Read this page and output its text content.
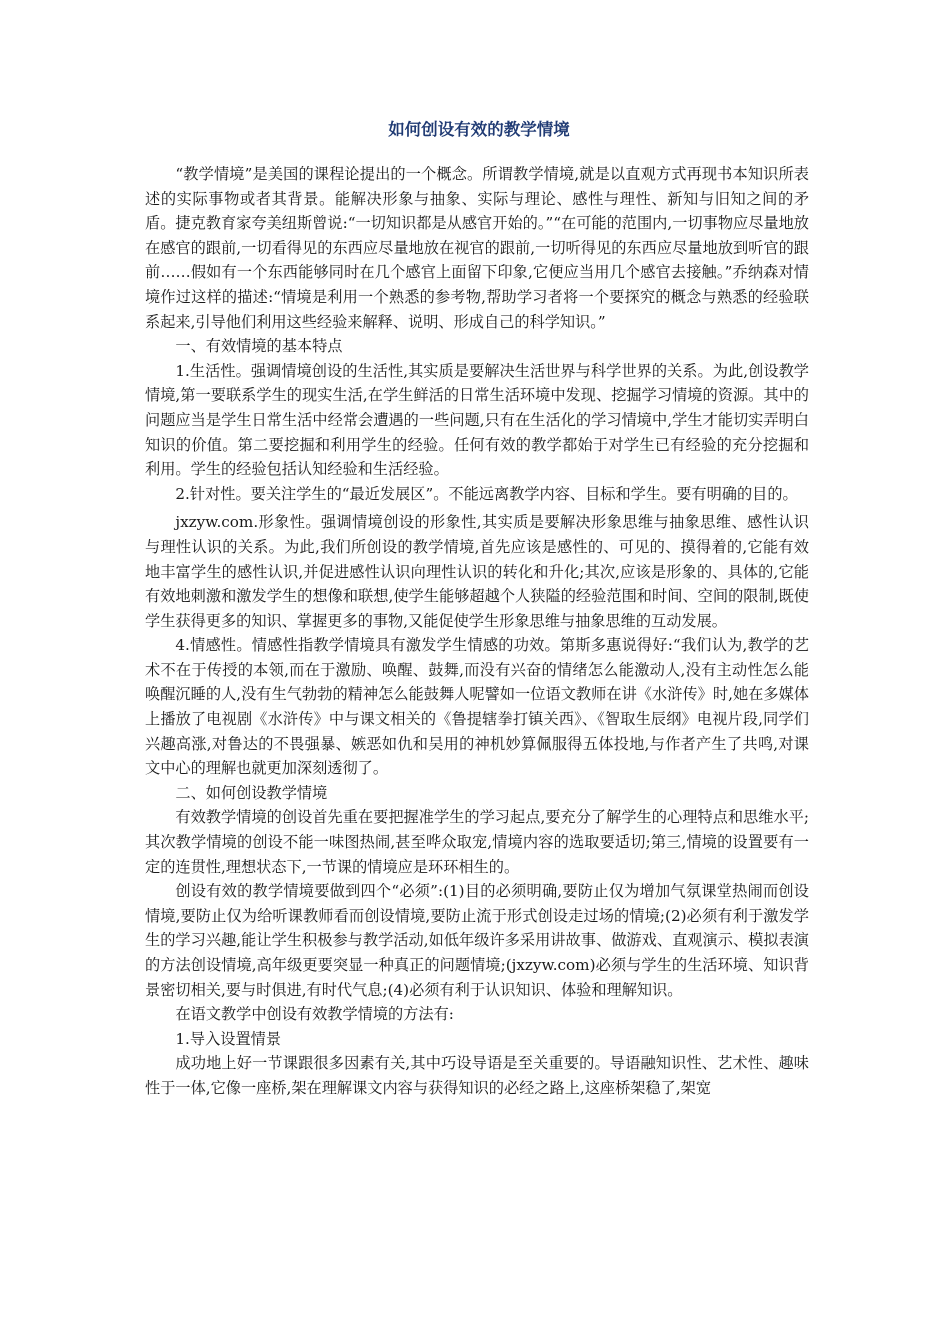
如何创设有效的教学情境

“教学情境”是美国的课程论提出的一个概念。所谓教学情境,就是以直观方式再现书本知识所表述的实际事物或者其背景。能解决形象与抽象、实际与理论、感性与理性、新知与旧知之间的矛盾。捷克教育家夸美纽斯曾说:“一切知识都是从感官开始的。”“在可能的范围内,一切事物应尽量地放在感官的跟前,一切看得见的东西应尽量地放在视官的跟前,一切听得见的东西应尽量地放到听官的跟前……假如有一个东西能够同时在几个感官上面留下印象,它便应当用几个感官去接触。”乔纳森对情境作过这样的描述:“情境是利用一个熟悉的参考物,帮助学习者将一个要探究的概念与熟悉的经验联系起来,引导他们利用这些经验来解释、说明、形成自己的科学知识。”

一、有效情境的基本特点

1.生活性。强调情境创设的生活性,其实质是要解决生活世界与科学世界的关系。为此,创设教学情境,第一要联系学生的现实生活,在学生鲜活的日常生活环境中发现、挖掘学习情境的资源。其中的问题应当是学生日常生活中经常会遭遇的一些问题,只有在生活化的学习情境中,学生才能切实弄明白知识的价值。第二要挖掘和利用学生的经验。任何有效的教学都始于对学生已有经验的充分挖掘和利用。学生的经验包括认知经验和生活经验。

2.针对性。要关注学生的“最近发展区”。不能远离教学内容、目标和学生。要有明确的目的。

jxzyw.com.形象性。强调情境创设的形象性,其实质是要解决形象思维与抽象思维、感性认识与理性认识的关系。为此,我们所创设的教学情境,首先应该是感性的、可见的、摸得着的,它能有效地丰富学生的感性认识,并促进感性认识向理性认识的转化和升化;其次,应该是形象的、具体的,它能有效地刺激和激发学生的想像和联想,使学生能够超越个人狭隘的经验范围和时间、空间的限制,既使学生获得更多的知识、掌握更多的事物,又能促使学生形象思维与抽象思维的互动发展。

4.情感性。情感性指教学情境具有激发学生情感的功效。第斯多惠说得好:“我们认为,教学的艺术不在于传授的本领,而在于激励、唤醒、鼓舞,而没有兴奋的情绪怎么能激动人,没有主动性怎么能唤醒沉睡的人,没有生气勃勃的精神怎么能鼓舞人呢譬如一位语文教师在讲《水浒传》时,她在多媒体上播放了电视剧《水浒传》中与课文相关的《鲁提辖拳打镇关西》、《智取生辰纲》电视片段,同学们兴趣高涨,对鲁达的不畏强暴、嫉恶如仇和吴用的神机妙算佩服得五体投地,与作者产生了共鸣,对课文中心的理解也就更加深刻透彻了。

二、如何创设教学情境

有效教学情境的创设首先重在要把握准学生的学习起点,要充分了解学生的心理特点和思维水平;其次教学情境的创设不能一味图热闹,甚至哗众取宠,情境内容的选取要适切;第三,情境的设置要有一定的连贯性,理想状态下,一节课的情境应是环环相生的。

创设有效的教学情境要做到四个“必须”:(1)目的必须明确,要防止仅为增加气氛课堂热闹而创设情境,要防止仅为给听课教师看而创设情境,要防止流于形式创设走过场的情境;(2)必须有利于激发学生的学习兴趣,能让学生积极参与教学活动,如低年级许多采用讲故事、做游戏、直观演示、模拟表演的方法创设情境,高年级更要突显一种真正的问题情境;(jxzyw.com)必须与学生的生活环境、知识背景密切相关,要与时俱进,有时代气息;(4)必须有利于认识知识、体验和理解知识。

在语文教学中创设有效教学情境的方法有:

1.导入设置情景

成功地上好一节课跟很多因素有关,其中巧设导语是至关重要的。导语融知识性、艺术性、趣味性于一体,它像一座桥,架在理解课文内容与获得知识的必经之路上,这座桥架稳了,架宽
